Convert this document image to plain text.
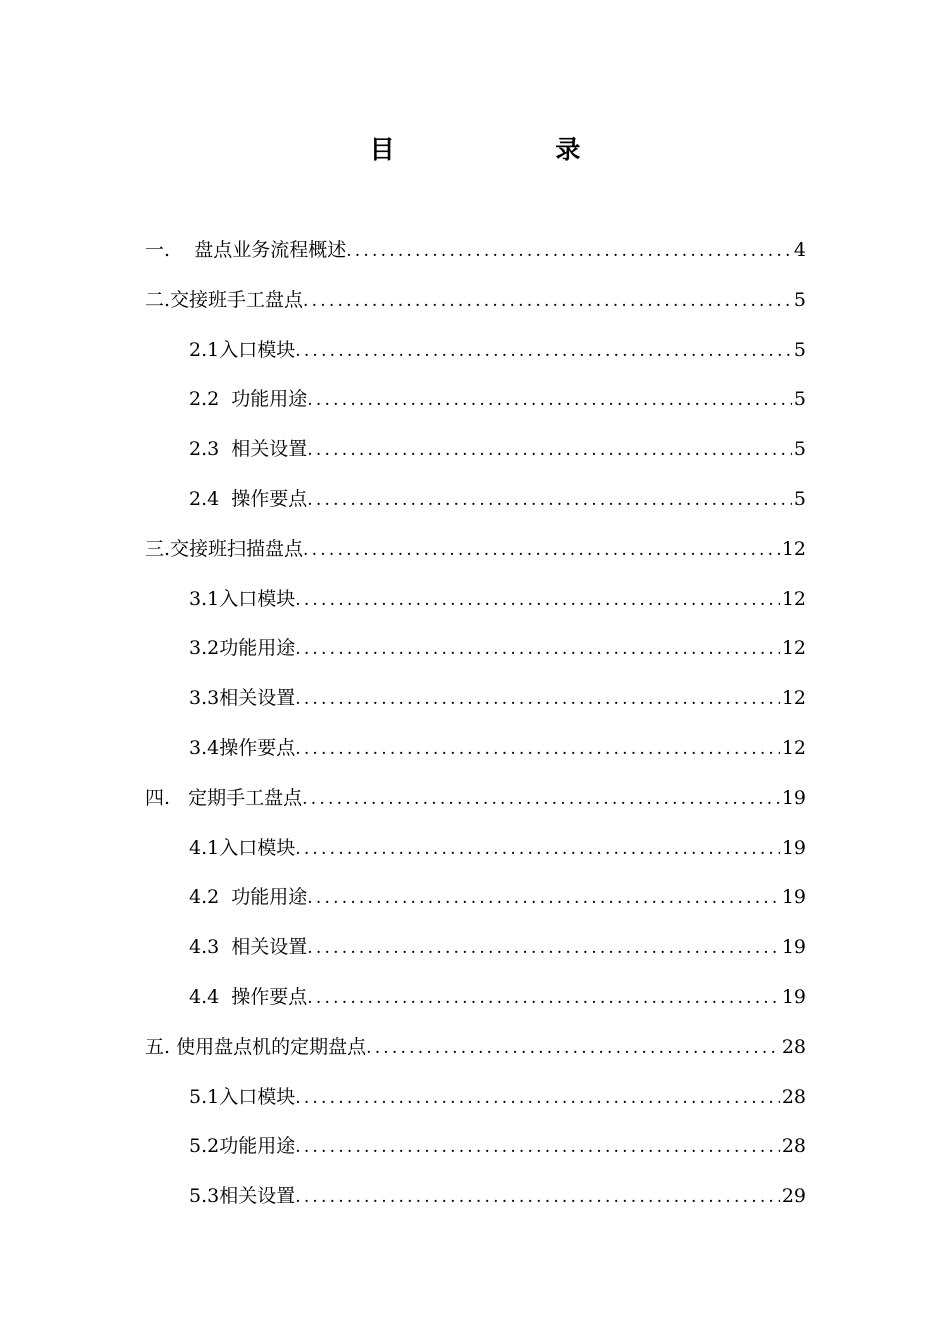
目 录
一.    盘点业务流程概述 .....	4
二.交接班手工盘点 .....	5
2.1入口模块 .....	5
2.2  功能用途 .....	5
2.3  相关设置 .....	5
2.4  操作要点 .....	5
三.交接班扫描盘点 .....	12
3.1入口模块 .....	12
3.2功能用途 .....	12
3.3相关设置 .....	12
3.4操作要点 .....	12
四.   定期手工盘点 .....	19
4.1入口模块 .....	19
4.2  功能用途 .....	19
4.3  相关设置 .....	19
4.4  操作要点 .....	19
五. 使用盘点机的定期盘点 .....	28
5.1入口模块 .....	28
5.2功能用途 .....	28
5.3相关设置 .....	29
